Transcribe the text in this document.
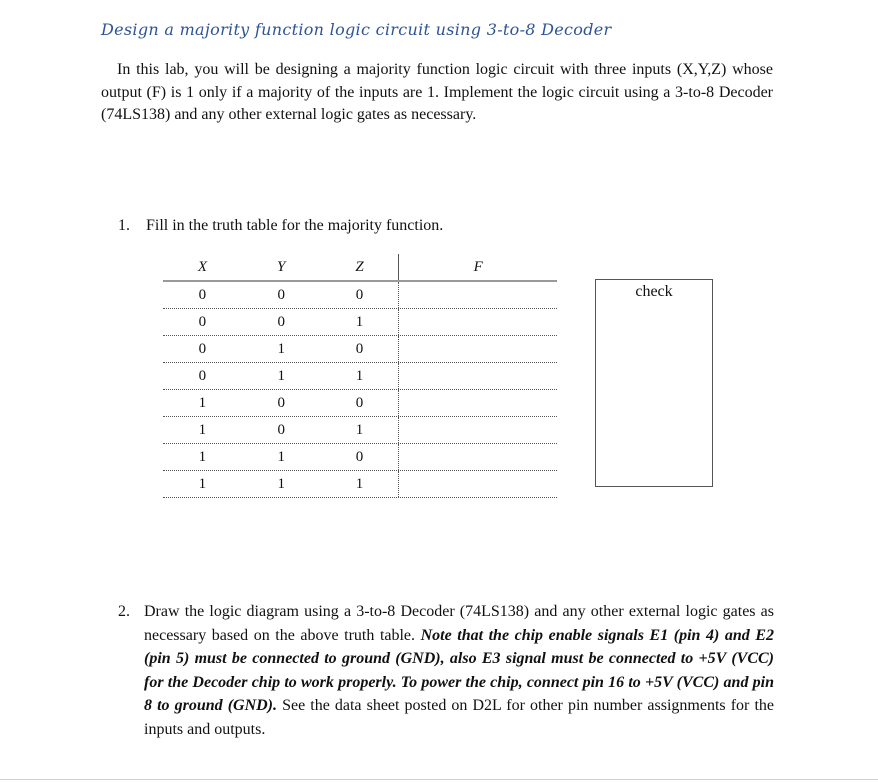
Design a majority function logic circuit using 3-to-8 Decoder

In this lab, you will be designing a majority function logic circuit with three inputs (X,Y,Z) whose output (F) is 1 only if a majority of the inputs are 1. Implement the logic circuit using a 3-to-8 Decoder (74LS138) and any other external logic gates as necessary.

1. Fill in the truth table for the majority function.
X	Y	Z	F
0	0	0
0	0	1
0	1	0
0	1	1
1	0	0
1	0	1
1	1	0
1	1	1
check
2. Draw the logic diagram using a 3-to-8 Decoder (74LS138) and any other external logic gates as necessary based on the above truth table. Note that the chip enable signals E1 (pin 4) and E2 (pin 5) must be connected to ground (GND), also E3 signal must be connected to +5V (VCC) for the Decoder chip to work properly. To power the chip, connect pin 16 to +5V (VCC) and pin 8 to ground (GND). See the data sheet posted on D2L for other pin number assignments for the inputs and outputs.
